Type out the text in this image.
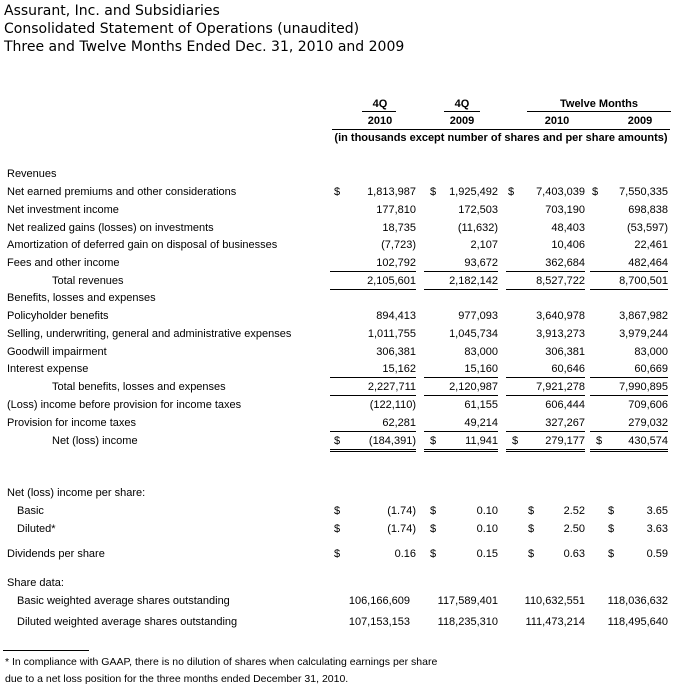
Assurant, Inc. and Subsidiaries
Consolidated Statement of Operations (unaudited)
Three and Twelve Months Ended Dec. 31, 2010 and 2009
4Q	4Q	Twelve Months
2010	2009	2010	2009
(in thousands except number of shares and per share amounts)
Revenues
Net earned premiums and other considerations	$	1,813,987 $	1,925,492 $	7,403,039 $	7,550,335
Net investment income	177,810	172,503	703,190	698,838
Net realized gains (losses) on investments	18,735	(11,632)	48,403	(53,597)
Amortization of deferred gain on disposal of businesses	(7,723)	2,107	10,406	22,461
Fees and other income	102,792	93,672	362,684	482,464
Total revenues	2,105,601	2,182,142	8,527,722	8,700,501
Benefits, losses and expenses
Policyholder benefits	894,413	977,093	3,640,978	3,867,982
Selling, underwriting, general and administrative expenses	1,011,755	1,045,734	3,913,273	3,979,244
Goodwill impairment	306,381	83,000	306,381	83,000
Interest expense	15,162	15,160	60,646	60,669
Total benefits, losses and expenses	2,227,711	2,120,987	7,921,278	7,990,895
(Loss) income before provision for income taxes	(122,110)	61,155	606,444	709,606
Provision for income taxes	62,281	49,214	327,267	279,032
Net (loss) income	$	(184,391) $	11,941 $	279,177 $	430,574
Net (loss) income per share:
Basic	$	(1.74) $	0.10	$	2.52 $	3.65
Diluted*	$	(1.74) $	0.10	$	2.50 $	3.63
Dividends per share	$	0.16 $	0.15	$	0.63 $	0.59
Share data:
Basic weighted average shares outstanding	106,166,609	117,589,401	110,632,551	118,036,632
Diluted weighted average shares outstanding	107,153,153	118,235,310	111,473,214	118,495,640
* In compliance with GAAP, there is no dilution of shares when calculating earnings per share
due to a net loss position for the three months ended December 31, 2010.
